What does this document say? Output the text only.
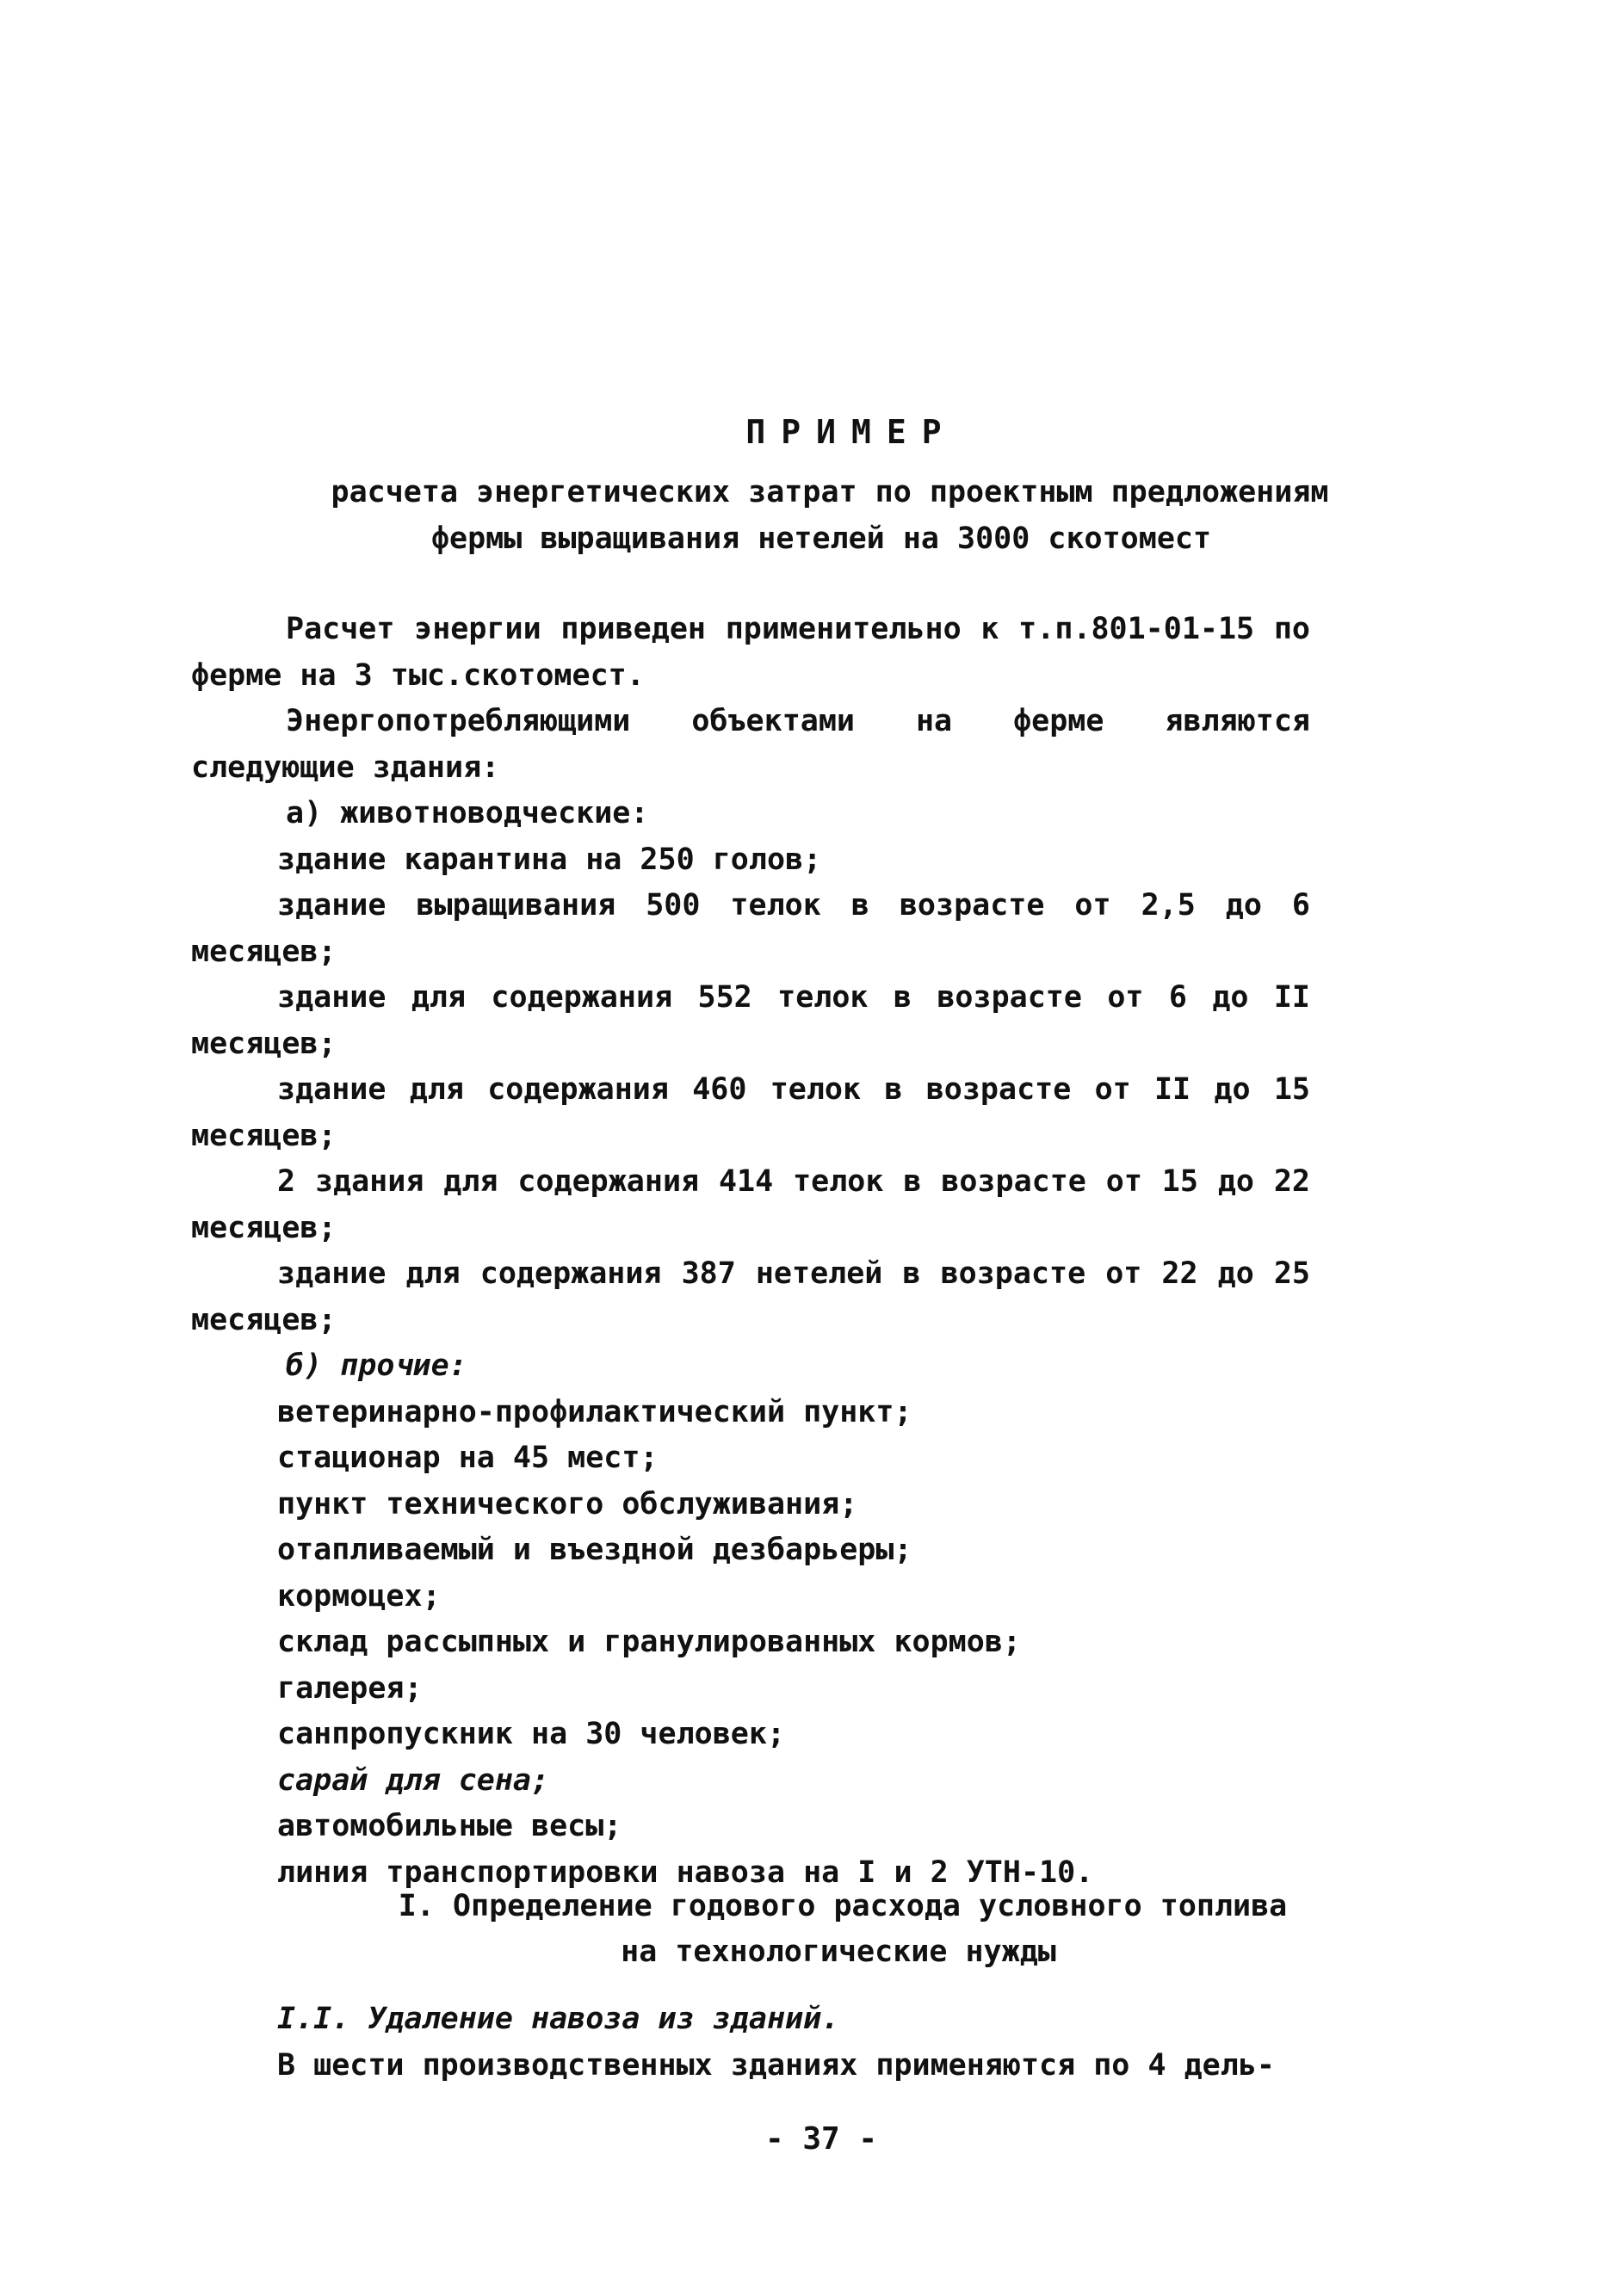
ПРИМЕР
расчета энергетических затрат по проектным предложениям
фермы выращивания нетелей на 3000 скотомест

Расчет энергии приведен применительно к т.п.801-01-15 по ферме на 3 тыс.скотомест.

Энергопотребляющими объектами на ферме являются следующие здания:

а) животноводческие:

здание карантина на 250 голов;

здание выращивания 500 телок в возрасте от 2,5 до 6 месяцев;

здание для содержания 552 телок в возрасте от 6 до II месяцев;

здание для содержания 460 телок в возрасте от II до 15 месяцев;

2 здания для содержания 414 телок в возрасте от 15 до 22 месяцев;

здание для содержания 387 нетелей в возрасте от 22 до 25 месяцев;

б) прочие:

ветеринарно-профилактический пункт;

стационар на 45 мест;

пункт технического обслуживания;

отапливаемый и въездной дезбарьеры;

кормоцех;

склад рассыпных и гранулированных кормов;

галерея;

санпропускник на 30 человек;

сарай для сена;

автомобильные весы;

линия транспортировки навоза на I и 2 УТН-10.

I. Определение годового расхода условного топлива
на технологические нужды

I.I. Удаление навоза из зданий.

В шести производственных зданиях применяются по 4 дель-

- 37 -
